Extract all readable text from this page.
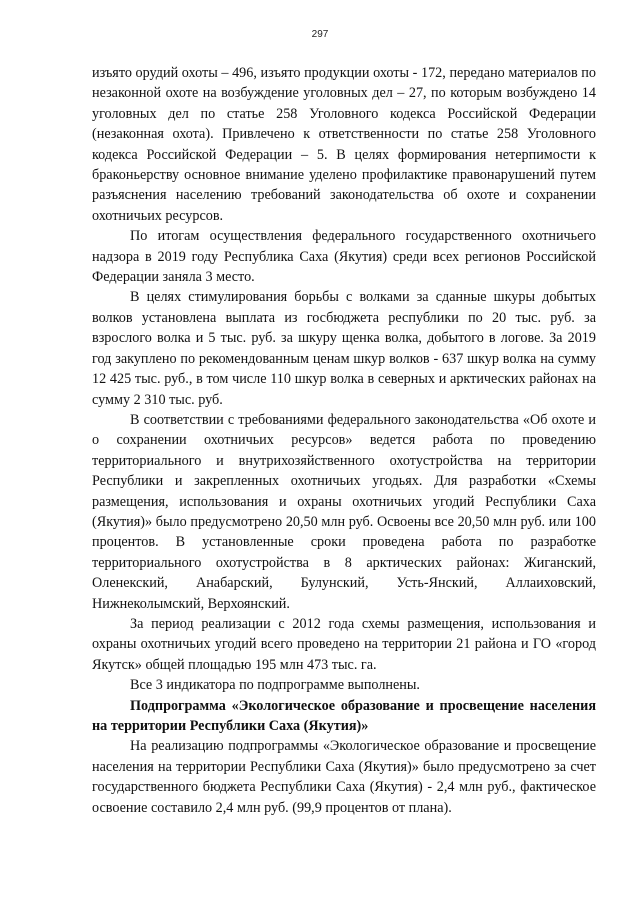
297

изъято орудий охоты – 496, изъято продукции охоты - 172, передано материалов по незаконной охоте на возбуждение уголовных дел – 27, по которым возбуждено 14 уголовных дел по статье 258 Уголовного кодекса Российской Федерации (незаконная охота). Привлечено к ответственности по статье 258 Уголовного кодекса Российской Федерации – 5. В целях формирования нетерпимости к браконьерству основное внимание уделено профилактике правонарушений путем разъяснения населению требований законодательства об охоте и сохранении охотничьих ресурсов.

По итогам осуществления федерального государственного охотничьего надзора в 2019 году Республика Саха (Якутия) среди всех регионов Российской Федерации заняла 3 место.

В целях стимулирования борьбы с волками за сданные шкуры добытых волков установлена выплата из госбюджета республики по 20 тыс. руб. за взрослого волка и 5 тыс. руб. за шкуру щенка волка, добытого в логове. За 2019 год закуплено по рекомендованным ценам шкур волков - 637 шкур волка на сумму 12 425 тыс. руб., в том числе 110 шкур волка в северных и арктических районах на сумму 2 310 тыс. руб.

В соответствии с требованиями федерального законодательства «Об охоте и о сохранении охотничьих ресурсов» ведется работа по проведению территориального и внутрихозяйственного охотустройства на территории Республики и закрепленных охотничьих угодьях. Для разработки «Схемы размещения, использования и охраны охотничьих угодий Республики Саха (Якутия)» было предусмотрено 20,50 млн руб. Освоены все 20,50 млн руб. или 100 процентов. В установленные сроки проведена работа по разработке территориального охотустройства в 8 арктических районах: Жиганский, Оленекский, Анабарский, Булунский, Усть-Янский, Аллаиховский, Нижнеколымский, Верхоянский.

За период реализации с 2012 года схемы размещения, использования и охраны охотничьих угодий всего проведено на территории 21 района и ГО «город Якутск» общей площадью 195 млн 473 тыс. га.

Все 3 индикатора по подпрограмме выполнены.

Подпрограмма «Экологическое образование и просвещение населения на территории Республики Саха (Якутия)»

На реализацию подпрограммы «Экологическое образование и просвещение населения на территории Республики Саха (Якутия)» было предусмотрено за счет государственного бюджета Республики Саха (Якутия) - 2,4 млн руб., фактическое освоение составило 2,4 млн руб. (99,9 процентов от плана).
